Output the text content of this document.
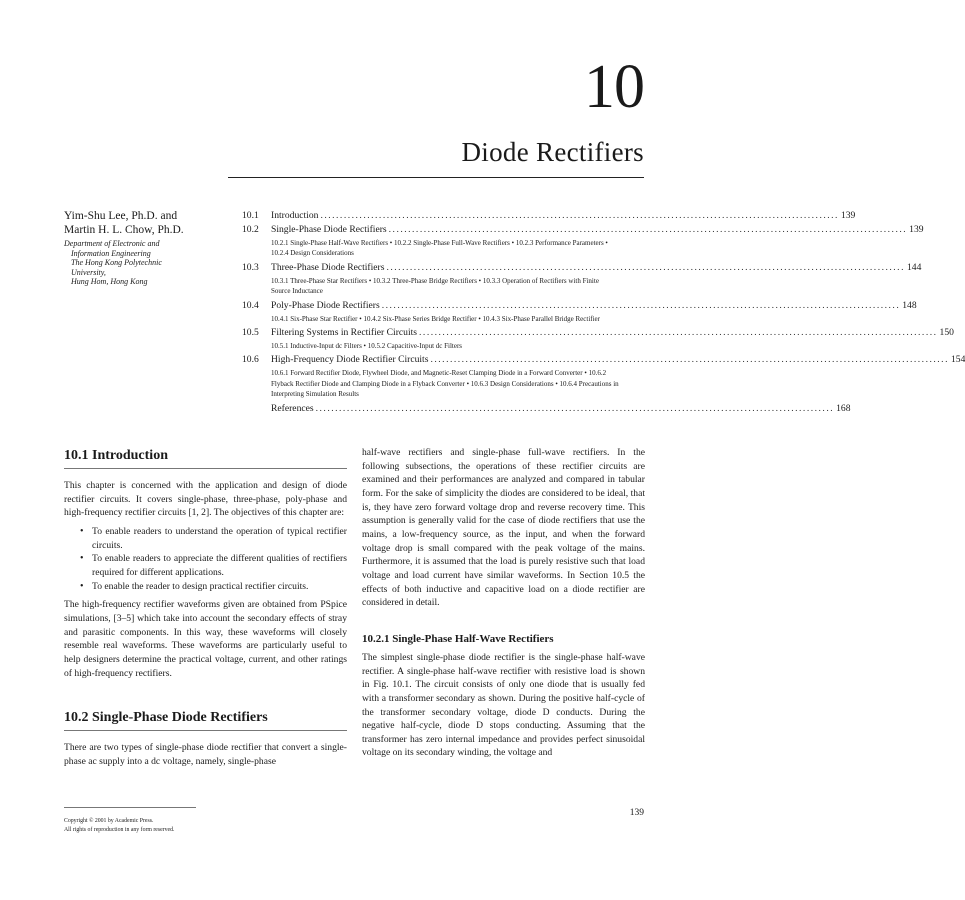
10
Diode Rectifiers
Yim-Shu Lee, Ph.D. and
Martin H. L. Chow, Ph.D.
Department of Electronic and
Information Engineering
The Hong Kong Polytechnic
University,
Hung Hom, Hong Kong
10.1 Introduction ..................................................................................................................................... 139
10.2 Single-Phase Diode Rectifiers ..................................................................................................................................... 139
10.2.1 Single-Phase Half-Wave Rectifiers • 10.2.2 Single-Phase Full-Wave Rectifiers • 10.2.3 Performance Parameters • 10.2.4 Design Considerations
10.3 Three-Phase Diode Rectifiers ..................................................................................................................................... 144
10.3.1 Three-Phase Star Rectifiers • 10.3.2 Three-Phase Bridge Rectifiers • 10.3.3 Operation of Rectifiers with Finite Source Inductance
10.4 Poly-Phase Diode Rectifiers ..................................................................................................................................... 148
10.4.1 Six-Phase Star Rectifier • 10.4.2 Six-Phase Series Bridge Rectifier • 10.4.3 Six-Phase Parallel Bridge Rectifier
10.5 Filtering Systems in Rectifier Circuits ..................................................................................................................................... 150
10.5.1 Inductive-Input dc Filters • 10.5.2 Capacitive-Input dc Filters
10.6 High-Frequency Diode Rectifier Circuits ..................................................................................................................................... 154
10.6.1 Forward Rectifier Diode, Flywheel Diode, and Magnetic-Reset Clamping Diode in a Forward Converter • 10.6.2 Flyback Rectifier Diode and Clamping Diode in a Flyback Converter • 10.6.3 Design Considerations • 10.6.4 Precautions in Interpreting Simulation Results
References ..................................................................................................................................... 168
10.1 Introduction

This chapter is concerned with the application and design of diode rectifier circuits. It covers single-phase, three-phase, poly-phase and high-frequency rectifier circuits [1, 2]. The objectives of this chapter are:

• To enable readers to understand the operation of typical rectifier circuits.
• To enable readers to appreciate the different qualities of rectifiers required for different applications.
• To enable the reader to design practical rectifier circuits.

The high-frequency rectifier waveforms given are obtained from PSpice simulations, [3–5] which take into account the secondary effects of stray and parasitic components. In this way, these waveforms will closely resemble real waveforms. These waveforms are particularly useful to help designers determine the practical voltage, current, and other ratings of high-frequency rectifiers.

10.2 Single-Phase Diode Rectifiers

There are two types of single-phase diode rectifier that convert a single-phase ac supply into a dc voltage, namely, single-phase

half-wave rectifiers and single-phase full-wave rectifiers. In the following subsections, the operations of these rectifier circuits are examined and their performances are analyzed and compared in tabular form. For the sake of simplicity the diodes are considered to be ideal, that is, they have zero forward voltage drop and reverse recovery time. This assumption is generally valid for the case of diode rectifiers that use the mains, a low-frequency source, as the input, and when the forward voltage drop is small compared with the peak voltage of the mains. Furthermore, it is assumed that the load is purely resistive such that load voltage and load current have similar waveforms. In Section 10.5 the effects of both inductive and capacitive load on a diode rectifier are considered in detail.

10.2.1 Single-Phase Half-Wave Rectifiers

The simplest single-phase diode rectifier is the single-phase half-wave rectifier. A single-phase half-wave rectifier with resistive load is shown in Fig. 10.1. The circuit consists of only one diode that is usually fed with a transformer secondary as shown. During the positive half-cycle of the transformer secondary voltage, diode D conducts. During the negative half-cycle, diode D stops conducting. Assuming that the transformer has zero internal impedance and provides perfect sinusoidal voltage on its secondary winding, the voltage and

Copyright © 2001 by Academic Press.
All rights of reproduction in any form reserved.
139
